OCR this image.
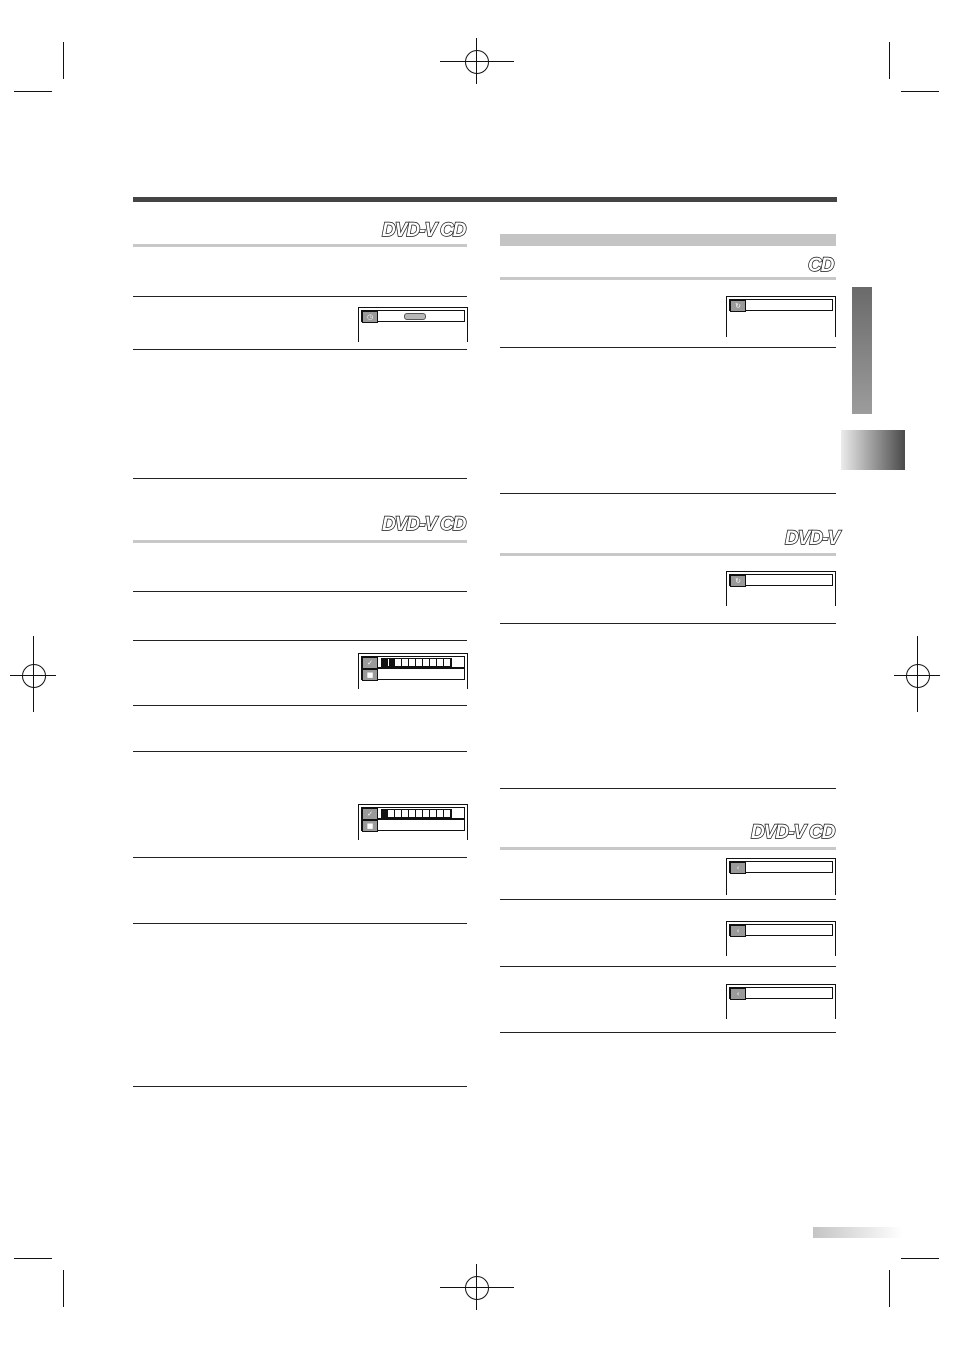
DVD-V CD
◷
DVD-V CD
✓
■
✓
■
CD
↻
DVD-V
↻
DVD-V CD
‹
‹
‹
